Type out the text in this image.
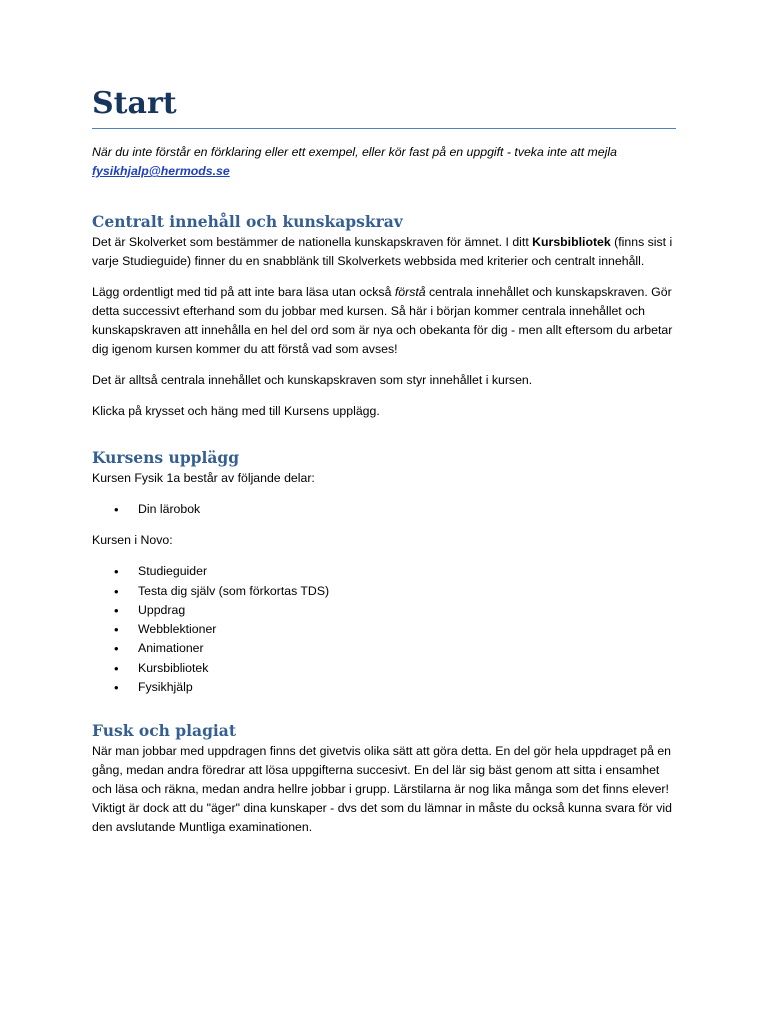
Start

När du inte förstår en förklaring eller ett exempel, eller kör fast på en uppgift - tveka inte att mejla fysikhjalp@hermods.se

Centralt innehåll och kunskapskrav

Det är Skolverket som bestämmer de nationella kunskapskraven för ämnet. I ditt Kursbibliotek (finns sist i varje Studieguide) finner du en snabblänk till Skolverkets webbsida med kriterier och centralt innehåll.

Lägg ordentligt med tid på att inte bara läsa utan också förstå centrala innehållet och kunskapskraven. Gör detta successivt efterhand som du jobbar med kursen. Så här i början kommer centrala innehållet och kunskapskraven att innehålla en hel del ord som är nya och obekanta för dig - men allt eftersom du arbetar dig igenom kursen kommer du att förstå vad som avses!

Det är alltså centrala innehållet och kunskapskraven som styr innehållet i kursen.

Klicka på krysset och häng med till Kursens upplägg.

Kursens upplägg

Kursen Fysik 1a består av följande delar:

• Din lärobok

Kursen i Novo:

• Studieguider
• Testa dig själv (som förkortas TDS)
• Uppdrag
• Webblektioner
• Animationer
• Kursbibliotek
• Fysikhjälp
Fusk och plagiat

När man jobbar med uppdragen finns det givetvis olika sätt att göra detta. En del gör hela uppdraget på en gång, medan andra föredrar att lösa uppgifterna succesivt. En del lär sig bäst genom att sitta i ensamhet och läsa och räkna, medan andra hellre jobbar i grupp. Lärstilarna är nog lika många som det finns elever! Viktigt är dock att du "äger" dina kunskaper - dvs det som du lämnar in måste du också kunna svara för vid den avslutande Muntliga examinationen.
